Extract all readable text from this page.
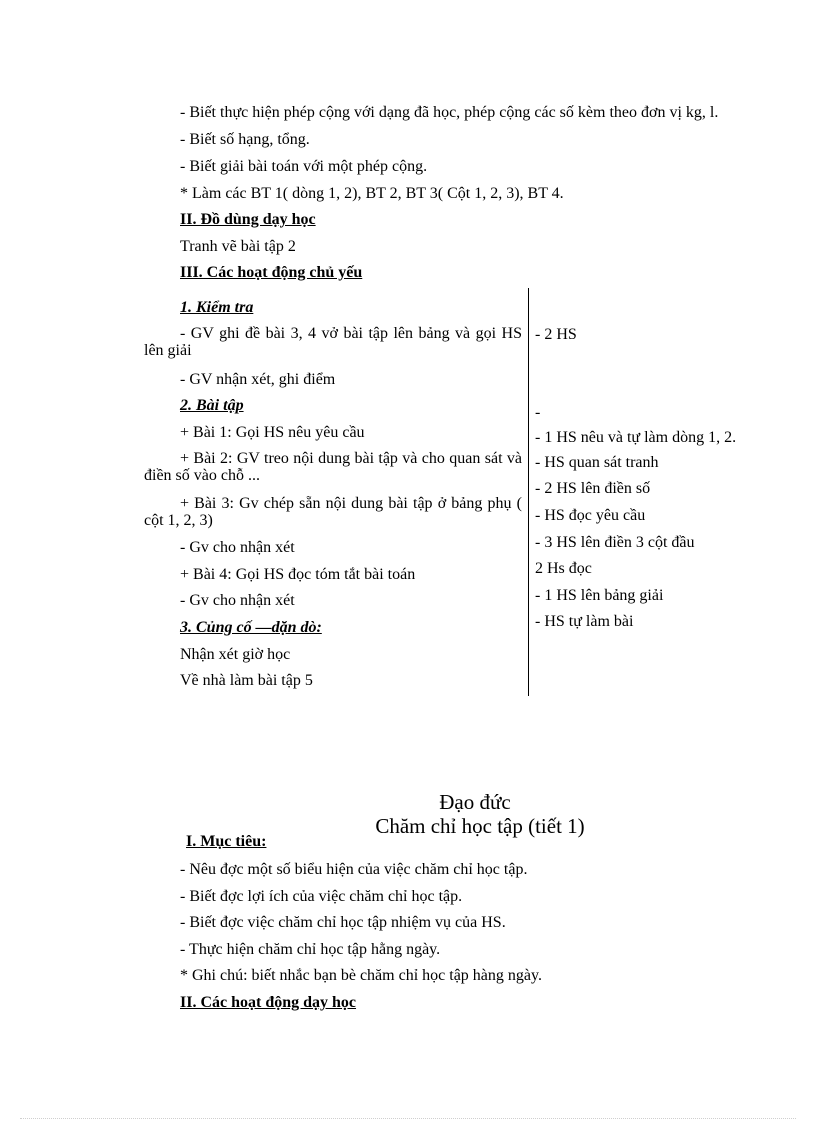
- Biết thực hiện phép cộng với dạng đã học, phép cộng các số kèm theo đơn vị kg, l.
- Biết số hạng, tổng.
- Biết giải bài toán với một phép cộng.
* Làm các BT 1( dòng 1, 2), BT 2, BT 3( Cột 1, 2, 3), BT 4.
II. Đồ dùng dạy học
Tranh vẽ bài tập 2
III. Các hoạt động chủ yếu
1. Kiểm tra
- GV ghi đề bài 3, 4 vở bài tập lên bảng và gọi HS lên giải
- GV nhận xét, ghi điểm
2. Bài tập
+ Bài 1: Gọi HS nêu yêu cầu
+ Bài 2: GV treo nội dung bài tập và cho quan sát và điền số vào chỗ ...
+ Bài 3: Gv chép sẵn nội dung bài tập ở bảng phụ ( cột 1, 2, 3)
- Gv cho nhận xét
+ Bài 4: Gọi HS đọc tóm tắt bài toán
- Gv cho nhận xét
3. Củng cố —dặn dò:
Nhận xét giờ học
Về nhà làm bài tập 5
- 2 HS
-
- 1 HS nêu và tự làm dòng 1, 2.
- HS quan sát tranh
- 2 HS lên điền số
- HS đọc yêu cầu
- 3 HS lên điền 3 cột đầu
2 Hs đọc
- 1 HS lên bảng giải
- HS tự làm bài
Đạo đức
Chăm chỉ học tập (tiết 1)
I. Mục tiêu:
- Nêu đợc một số biểu hiện của việc chăm chỉ học tập.
- Biết đợc lợi ích của việc chăm chỉ học tập.
- Biết đợc việc chăm chỉ học tập nhiệm vụ của HS.
- Thực hiện chăm chỉ học tập hằng ngày.
* Ghi chú: biết nhắc bạn bè chăm chỉ học tập hàng ngày.
II. Các hoạt động dạy học
